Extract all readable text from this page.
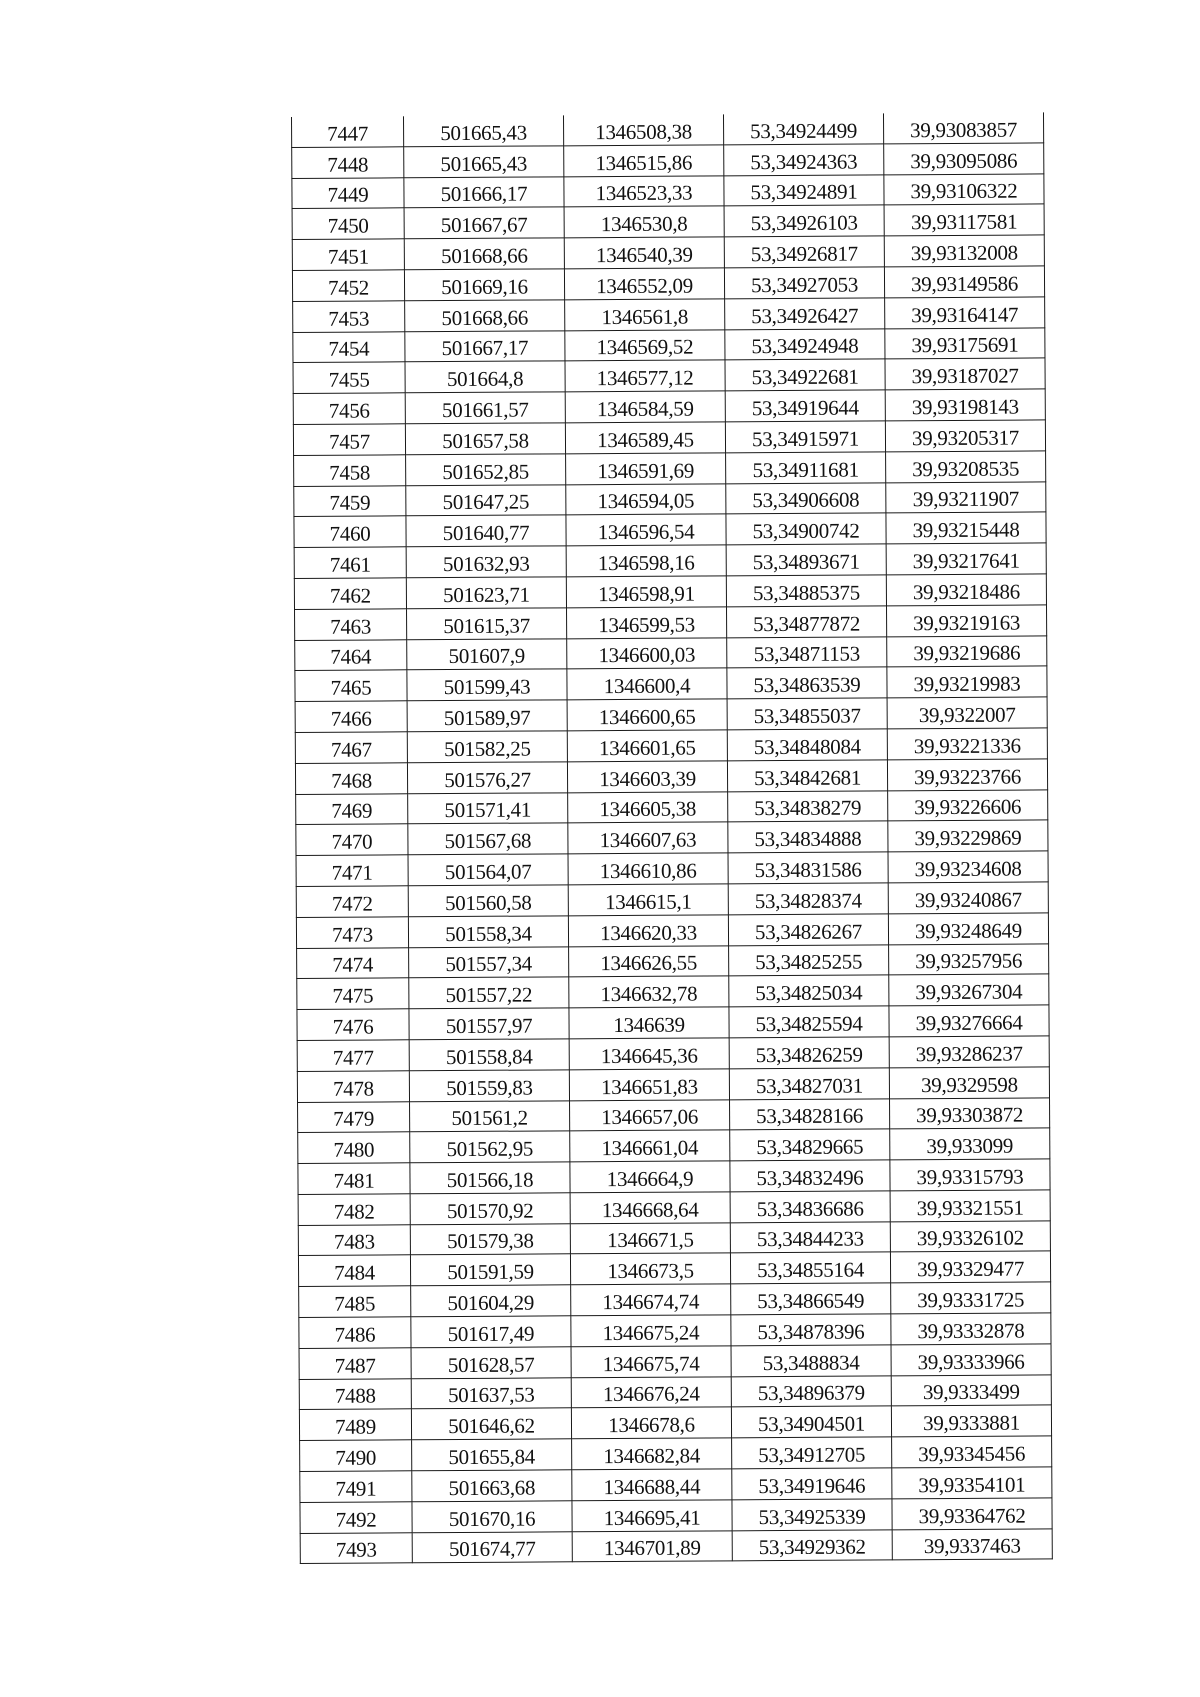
7447	501665,43	1346508,38	53,34924499	39,93083857
7448	501665,43	1346515,86	53,34924363	39,93095086
7449	501666,17	1346523,33	53,34924891	39,93106322
7450	501667,67	1346530,8	53,34926103	39,93117581
7451	501668,66	1346540,39	53,34926817	39,93132008
7452	501669,16	1346552,09	53,34927053	39,93149586
7453	501668,66	1346561,8	53,34926427	39,93164147
7454	501667,17	1346569,52	53,34924948	39,93175691
7455	501664,8	1346577,12	53,34922681	39,93187027
7456	501661,57	1346584,59	53,34919644	39,93198143
7457	501657,58	1346589,45	53,34915971	39,93205317
7458	501652,85	1346591,69	53,34911681	39,93208535
7459	501647,25	1346594,05	53,34906608	39,93211907
7460	501640,77	1346596,54	53,34900742	39,93215448
7461	501632,93	1346598,16	53,34893671	39,93217641
7462	501623,71	1346598,91	53,34885375	39,93218486
7463	501615,37	1346599,53	53,34877872	39,93219163
7464	501607,9	1346600,03	53,34871153	39,93219686
7465	501599,43	1346600,4	53,34863539	39,93219983
7466	501589,97	1346600,65	53,34855037	39,9322007
7467	501582,25	1346601,65	53,34848084	39,93221336
7468	501576,27	1346603,39	53,34842681	39,93223766
7469	501571,41	1346605,38	53,34838279	39,93226606
7470	501567,68	1346607,63	53,34834888	39,93229869
7471	501564,07	1346610,86	53,34831586	39,93234608
7472	501560,58	1346615,1	53,34828374	39,93240867
7473	501558,34	1346620,33	53,34826267	39,93248649
7474	501557,34	1346626,55	53,34825255	39,93257956
7475	501557,22	1346632,78	53,34825034	39,93267304
7476	501557,97	1346639	53,34825594	39,93276664
7477	501558,84	1346645,36	53,34826259	39,93286237
7478	501559,83	1346651,83	53,34827031	39,9329598
7479	501561,2	1346657,06	53,34828166	39,93303872
7480	501562,95	1346661,04	53,34829665	39,933099
7481	501566,18	1346664,9	53,34832496	39,93315793
7482	501570,92	1346668,64	53,34836686	39,93321551
7483	501579,38	1346671,5	53,34844233	39,93326102
7484	501591,59	1346673,5	53,34855164	39,93329477
7485	501604,29	1346674,74	53,34866549	39,93331725
7486	501617,49	1346675,24	53,34878396	39,93332878
7487	501628,57	1346675,74	53,3488834	39,93333966
7488	501637,53	1346676,24	53,34896379	39,9333499
7489	501646,62	1346678,6	53,34904501	39,9333881
7490	501655,84	1346682,84	53,34912705	39,93345456
7491	501663,68	1346688,44	53,34919646	39,93354101
7492	501670,16	1346695,41	53,34925339	39,93364762
7493	501674,77	1346701,89	53,34929362	39,9337463
